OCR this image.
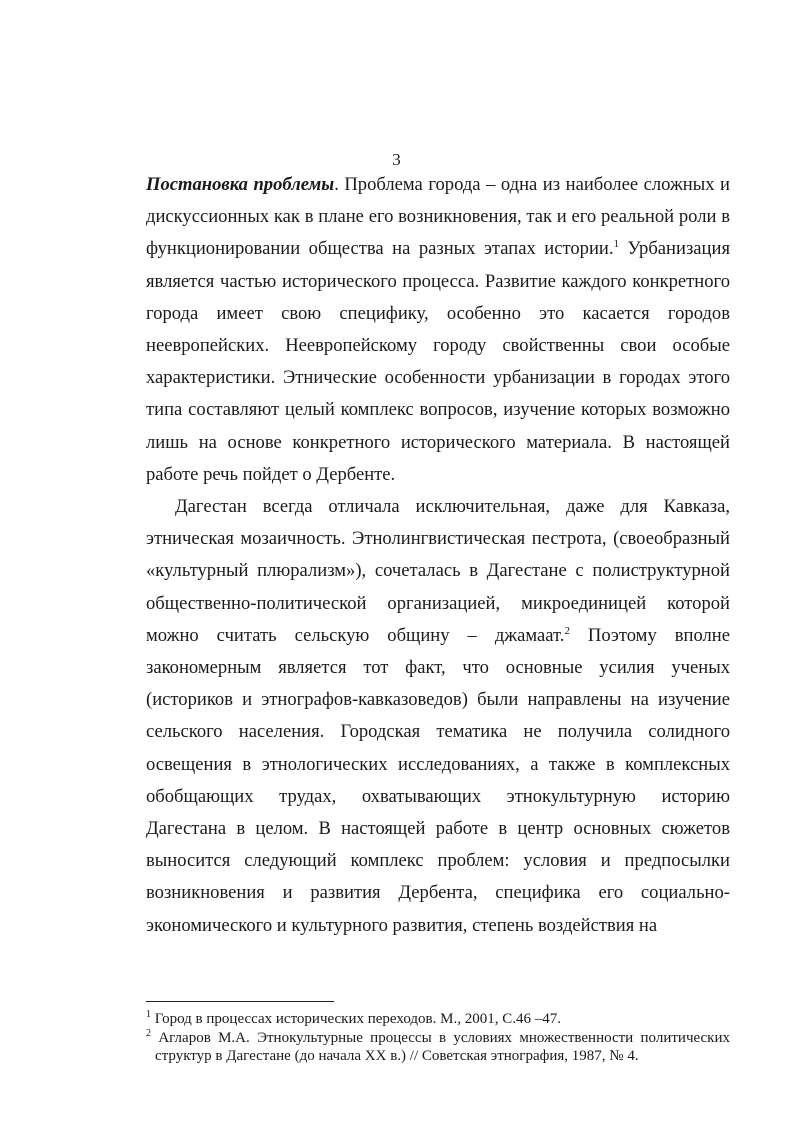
3

Постановка проблемы. Проблема города – одна из наиболее сложных и дискуссионных как в плане его возникновения, так и его реальной роли в функционировании общества на разных этапах истории.$^1$ Урбанизация является частью исторического процесса. Развитие каждого конкретного города имеет свою специфику, особенно это касается городов неевропейских. Неевропейскому городу свойственны свои особые характеристики. Этнические особенности урбанизации в городах этого типа составляют целый комплекс вопросов, изучение которых возможно лишь на основе конкретного исторического материала. В настоящей работе речь пойдет о Дербенте.

Дагестан всегда отличала исключительная, даже для Кавказа, этническая мозаичность. Этнолингвистическая пестрота, (своеобразный «культурный плюрализм»), сочеталась в Дагестане с полиструктурной общественно-политической организацией, микроединицей которой можно считать сельскую общину – джамаат.$^2$ Поэтому вполне закономерным является тот факт, что основные усилия ученых (историков и этнографов-кавказоведов) были направлены на изучение сельского населения. Городская тематика не получила солидного освещения в этнологических исследованиях, а также в комплексных обобщающих трудах, охватывающих этнокультурную историю Дагестана в целом. В настоящей работе в центр основных сюжетов выносится следующий комплекс проблем: условия и предпосылки возникновения и развития Дербента, специфика его социально-экономического и культурного развития, степень воздействия на

$^1$ Город в процессах исторических переходов. М., 2001, С.46 –47.
$^2$ Агларов М.А. Этнокультурные процессы в условиях множественности политических структур в Дагестане (до начала XX в.) // Советская этнография, 1987, № 4.
